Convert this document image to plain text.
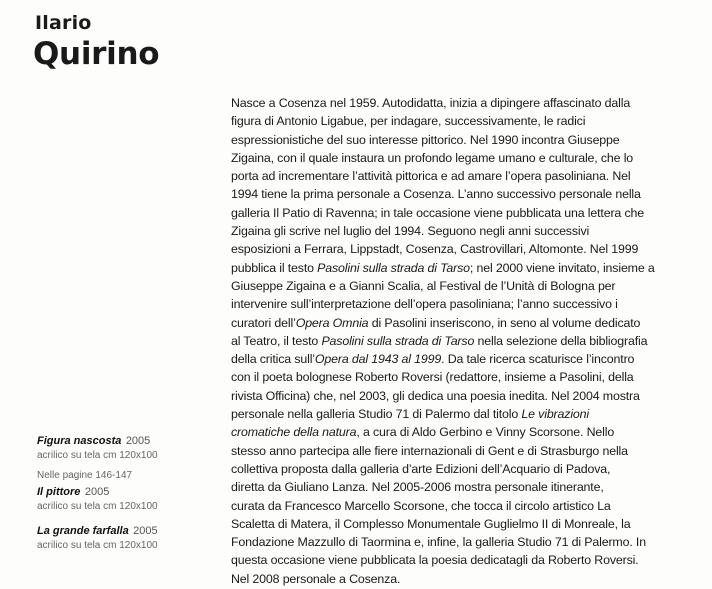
Ilario
Quirino

Nasce a Cosenza nel 1959. Autodidatta, inizia a dipingere affascinato dalla
figura di Antonio Ligabue, per indagare, successivamente, le radici
espressionistiche del suo interesse pittorico. Nel 1990 incontra Giuseppe
Zigaina, con il quale instaura un profondo legame umano e culturale, che lo
porta ad incrementare l’attività pittorica e ad amare l’opera pasoliniana. Nel
1994 tiene la prima personale a Cosenza. L’anno successivo personale nella
galleria Il Patio di Ravenna; in tale occasione viene pubblicata una lettera che
Zigaina gli scrive nel luglio del 1994. Seguono negli anni successivi
esposizioni a Ferrara, Lippstadt, Cosenza, Castrovillari, Altomonte. Nel 1999
pubblica il testo Pasolini sulla strada di Tarso; nel 2000 viene invitato, insieme a
Giuseppe Zigaina e a Gianni Scalia, al Festival de l’Unità di Bologna per
intervenire sull’interpretazione dell’opera pasoliniana; l’anno successivo i
curatori dell’Opera Omnia di Pasolini inseriscono, in seno al volume dedicato
al Teatro, il testo Pasolini sulla strada di Tarso nella selezione della bibliografia
della critica sull’Opera dal 1943 al 1999. Da tale ricerca scaturisce l’incontro
con il poeta bolognese Roberto Roversi (redattore, insieme a Pasolini, della
rivista Officina) che, nel 2003, gli dedica una poesia inedita. Nel 2004 mostra
personale nella galleria Studio 71 di Palermo dal titolo Le vibrazioni
cromatiche della natura, a cura di Aldo Gerbino e Vinny Scorsone. Nello
stesso anno partecipa alle fiere internazionali di Gent e di Strasburgo nella
collettiva proposta dalla galleria d’arte Edizioni dell’Acquario di Padova,
diretta da Giuliano Lanza. Nel 2005-2006 mostra personale itinerante,
curata da Francesco Marcello Scorsone, che tocca il circolo artistico La
Scaletta di Matera, il Complesso Monumentale Guglielmo II di Monreale, la
Fondazione Mazzullo di Taormina e, infine, la galleria Studio 71 di Palermo. In
questa occasione viene pubblicata la poesia dedicatagli da Roberto Roversi.
Nel 2008 personale a Cosenza.

Figura nascosta 2005
acrilico su tela cm 120x100
Nelle pagine 146-147
Il pittore 2005
acrilico su tela cm 120x100
La grande farfalla 2005
acrilico su tela cm 120x100
